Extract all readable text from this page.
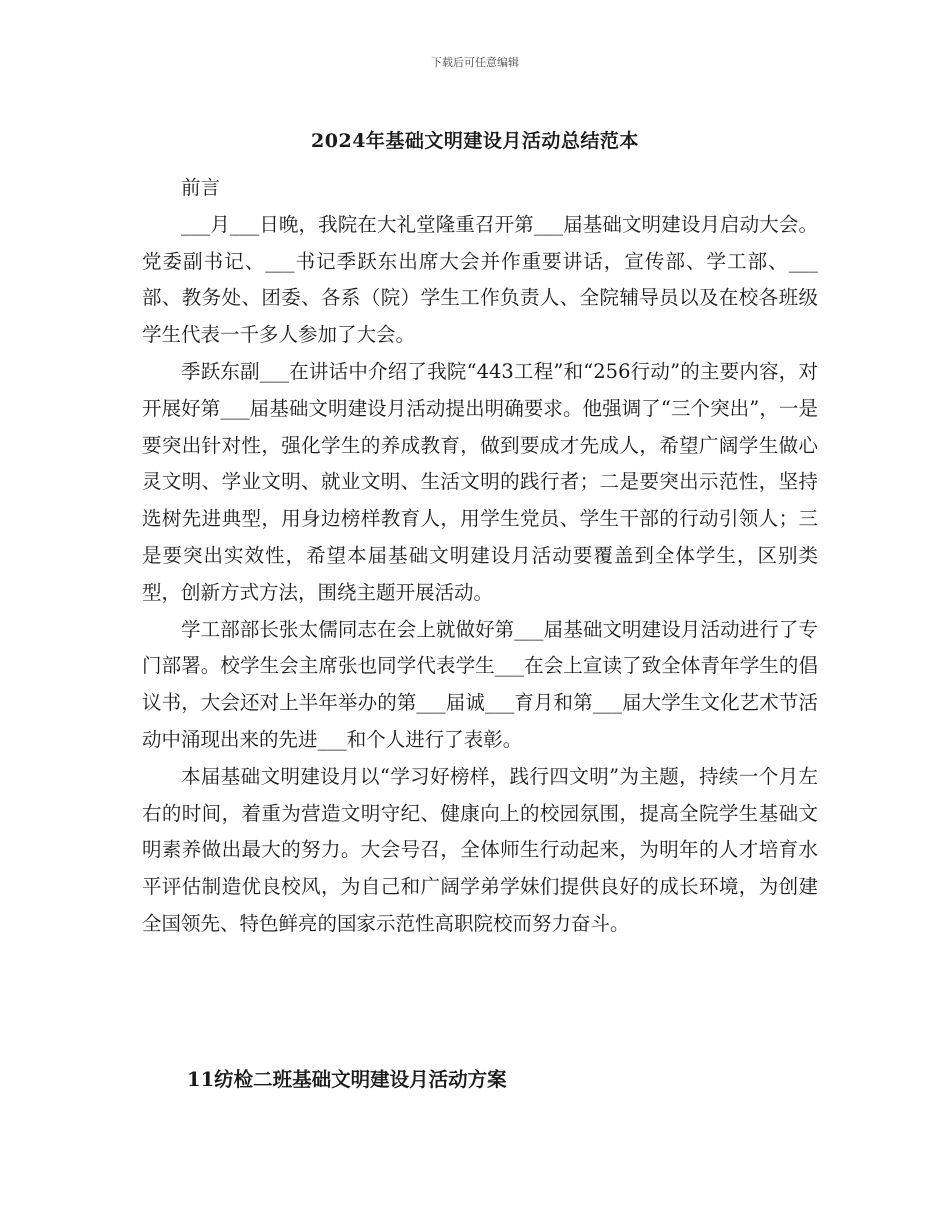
下载后可任意编辑
2024年基础文明建设月活动总结范本

前言

___月___日晚，我院在大礼堂隆重召开第___届基础文明建设月启动大会。党委副书记、___书记季跃东出席大会并作重要讲话，宣传部、学工部、___部、教务处、团委、各系（院）学生工作负责人、全院辅导员以及在校各班级学生代表一千多人参加了大会。

季跃东副___在讲话中介绍了我院“443工程”和“256行动”的主要内容，对开展好第___届基础文明建设月活动提出明确要求。他强调了“三个突出”，一是要突出针对性，强化学生的养成教育，做到要成才先成人，希望广阔学生做心灵文明、学业文明、就业文明、生活文明的践行者；二是要突出示范性，坚持选树先进典型，用身边榜样教育人，用学生党员、学生干部的行动引领人；三是要突出实效性，希望本届基础文明建设月活动要覆盖到全体学生，区别类型，创新方式方法，围绕主题开展活动。

学工部部长张太儒同志在会上就做好第___届基础文明建设月活动进行了专门部署。校学生会主席张也同学代表学生___在会上宣读了致全体青年学生的倡议书，大会还对上半年举办的第___届诚___育月和第___届大学生文化艺术节活动中涌现出来的先进___和个人进行了表彰。

本届基础文明建设月以“学习好榜样，践行四文明”为主题，持续一个月左右的时间，着重为营造文明守纪、健康向上的校园氛围，提高全院学生基础文明素养做出最大的努力。大会号召，全体师生行动起来，为明年的人才培育水平评估制造优良校风，为自己和广阔学弟学妹们提供良好的成长环境，为创建全国领先、特色鲜亮的国家示范性高职院校而努力奋斗。

11纺检二班基础文明建设月活动方案
